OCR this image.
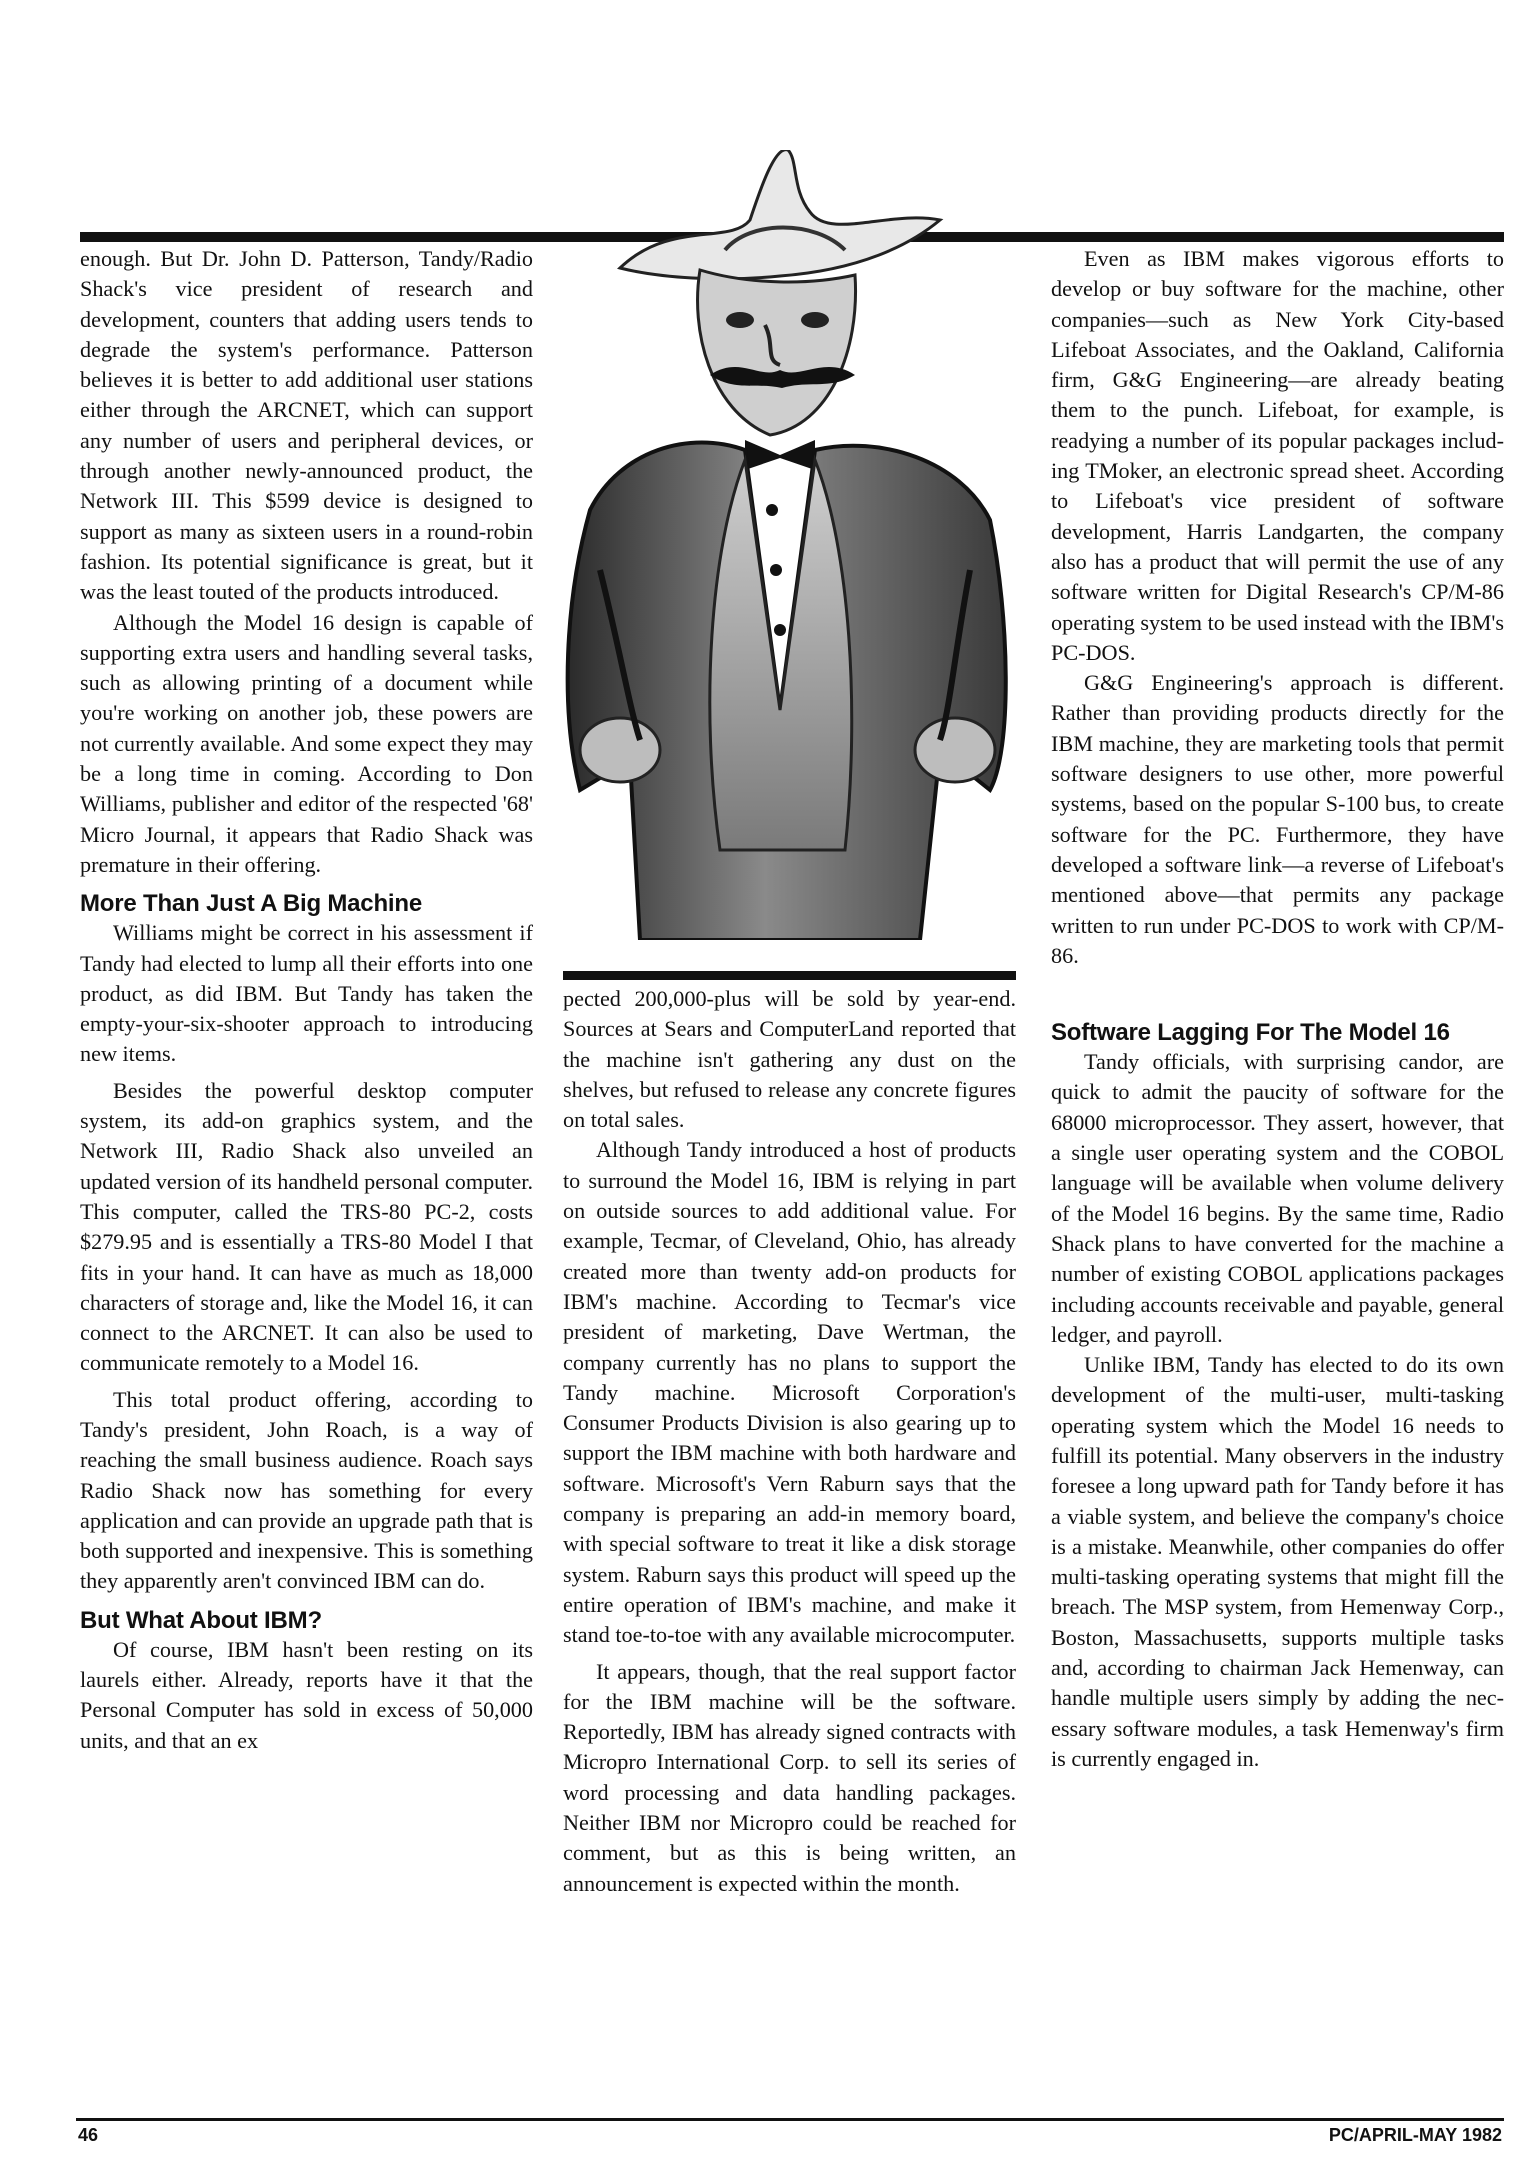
enough. But Dr. John D. Patterson, Tandy/Radio Shack's vice president of research and development, counters that adding users tends to degrade the system's performance. Patterson believes it is better to add additional user stations either through the ARCNET, which can support any number of users and peripheral devices, or through another newly-announced product, the Network III. This $599 device is designed to support as many as sixteen users in a round-robin fashion. Its potential significance is great, but it was the least touted of the products introduced.

Although the Model 16 design is capable of supporting extra users and handling several tasks, such as allowing printing of a document while you're working on another job, these powers are not currently available. And some expect they may be a long time in coming. According to Don Williams, publisher and editor of the respected '68' Micro Journal, it appears that Radio Shack was premature in their offering.

More Than Just A Big Machine

Williams might be correct in his assessment if Tandy had elected to lump all their efforts into one product, as did IBM. But Tandy has taken the empty-your-six-shooter approach to introducing new items.

Besides the powerful desktop computer system, its add-on graphics system, and the Network III, Radio Shack also unveiled an updated version of its handheld personal computer. This computer, called the TRS-80 PC-2, costs $279.95 and is essentially a TRS-80 Model I that fits in your hand. It can have as much as 18,000 characters of storage and, like the Model 16, it can connect to the ARCNET. It can also be used to communicate remotely to a Model 16.

This total product offering, according to Tandy's president, John Roach, is a way of reaching the small business audience. Roach says Radio Shack now has something for every application and can provide an upgrade path that is both supported and inexpensive. This is something they apparently aren't convinced IBM can do.

But What About IBM?

Of course, IBM hasn't been resting on its laurels either. Already, reports have it that the Personal Computer has sold in excess of 50,000 units, and that an ex

pected 200,000-plus will be sold by year-end. Sources at Sears and ComputerLand reported that the machine isn't gathering any dust on the shelves, but refused to release any concrete figures on total sales.

Although Tandy introduced a host of products to surround the Model 16, IBM is relying in part on outside sources to add additional value. For example, Tecmar, of Cleveland, Ohio, has already created more than twenty add-on products for IBM's machine. According to Tecmar's vice president of marketing, Dave Wertman, the company currently has no plans to support the Tandy machine. Microsoft Corporation's Consumer Products Division is also gearing up to support the IBM machine with both hardware and software. Microsoft's Vern Raburn says that the company is preparing an add-in memory board, with special software to treat it like a disk storage system. Raburn says this product will speed up the entire operation of IBM's machine, and make it stand toe-to-toe with any available microcomputer.

It appears, though, that the real support factor for the IBM machine will be the software. Reportedly, IBM has already signed contracts with Micropro International Corp. to sell its series of word processing and data handling packages. Neither IBM nor Micropro could be reached for comment, but as this is being written, an announcement is expected within the month.

Even as IBM makes vigorous efforts to develop or buy software for the machine, other companies—such as New York City-based Lifeboat Associates, and the Oakland, California firm, G&G Engineering—are already beating them to the punch. Lifeboat, for example, is readying a number of its popular packages including TMoker, an electronic spread sheet. According to Lifeboat's vice president of software development, Harris Landgarten, the company also has a product that will permit the use of any software written for Digital Research's CP/M-86 operating system to be used instead with the IBM's PC-DOS.

G&G Engineering's approach is different. Rather than providing products directly for the IBM machine, they are marketing tools that permit software designers to use other, more powerful systems, based on the popular S-100 bus, to create software for the PC. Furthermore, they have developed a software link—a reverse of Lifeboat's mentioned above—that permits any package written to run under PC-DOS to work with CP/M-86.

Software Lagging For The Model 16

Tandy officials, with surprising candor, are quick to admit the paucity of software for the 68000 microprocessor. They assert, however, that a single user operating system and the COBOL language will be available when volume delivery of the Model 16 begins. By the same time, Radio Shack plans to have converted for the machine a number of existing COBOL applications packages including accounts receivable and payable, general ledger, and payroll.

Unlike IBM, Tandy has elected to do its own development of the multi-user, multi-tasking operating system which the Model 16 needs to fulfill its potential. Many observers in the industry foresee a long upward path for Tandy before it has a viable system, and believe the company's choice is a mistake. Meanwhile, other companies do offer multi-tasking operating systems that might fill the breach. The MSP system, from Hemenway Corp., Boston, Massachusetts, supports multiple tasks and, according to chairman Jack Hemenway, can handle multiple users simply by adding the necessary software modules, a task Hemenway's firm is currently engaged in.

46	PC/APRIL-MAY 1982
